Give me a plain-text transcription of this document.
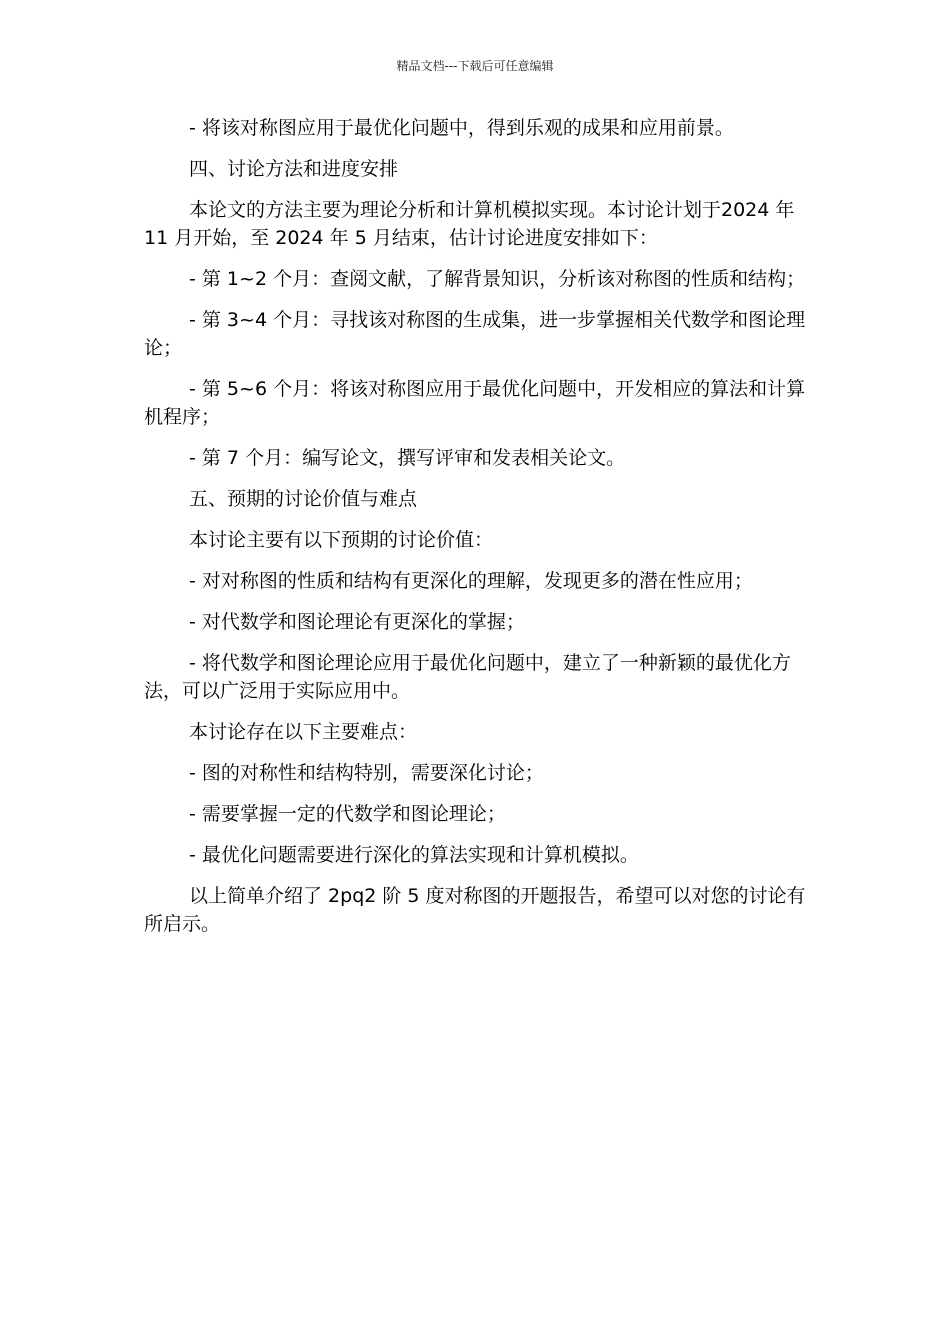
精品文档---下载后可任意编辑

- 将该对称图应用于最优化问题中，得到乐观的成果和应用前景。

四、讨论方法和进度安排

本论文的方法主要为理论分析和计算机模拟实现。本讨论计划于2024 年 11 月开始，至 2024 年 5 月结束，估计讨论进度安排如下：

- 第 1~2 个月：查阅文献，了解背景知识，分析该对称图的性质和结构；

- 第 3~4 个月：寻找该对称图的生成集，进一步掌握相关代数学和图论理论；

- 第 5~6 个月：将该对称图应用于最优化问题中，开发相应的算法和计算机程序；

- 第 7 个月：编写论文，撰写评审和发表相关论文。

五、预期的讨论价值与难点

本讨论主要有以下预期的讨论价值：

- 对对称图的性质和结构有更深化的理解，发现更多的潜在性应用；

- 对代数学和图论理论有更深化的掌握；

- 将代数学和图论理论应用于最优化问题中，建立了一种新颖的最优化方法，可以广泛用于实际应用中。

本讨论存在以下主要难点：

- 图的对称性和结构特别，需要深化讨论；

- 需要掌握一定的代数学和图论理论；

- 最优化问题需要进行深化的算法实现和计算机模拟。

以上简单介绍了 2pq2 阶 5 度对称图的开题报告，希望可以对您的讨论有所启示。
